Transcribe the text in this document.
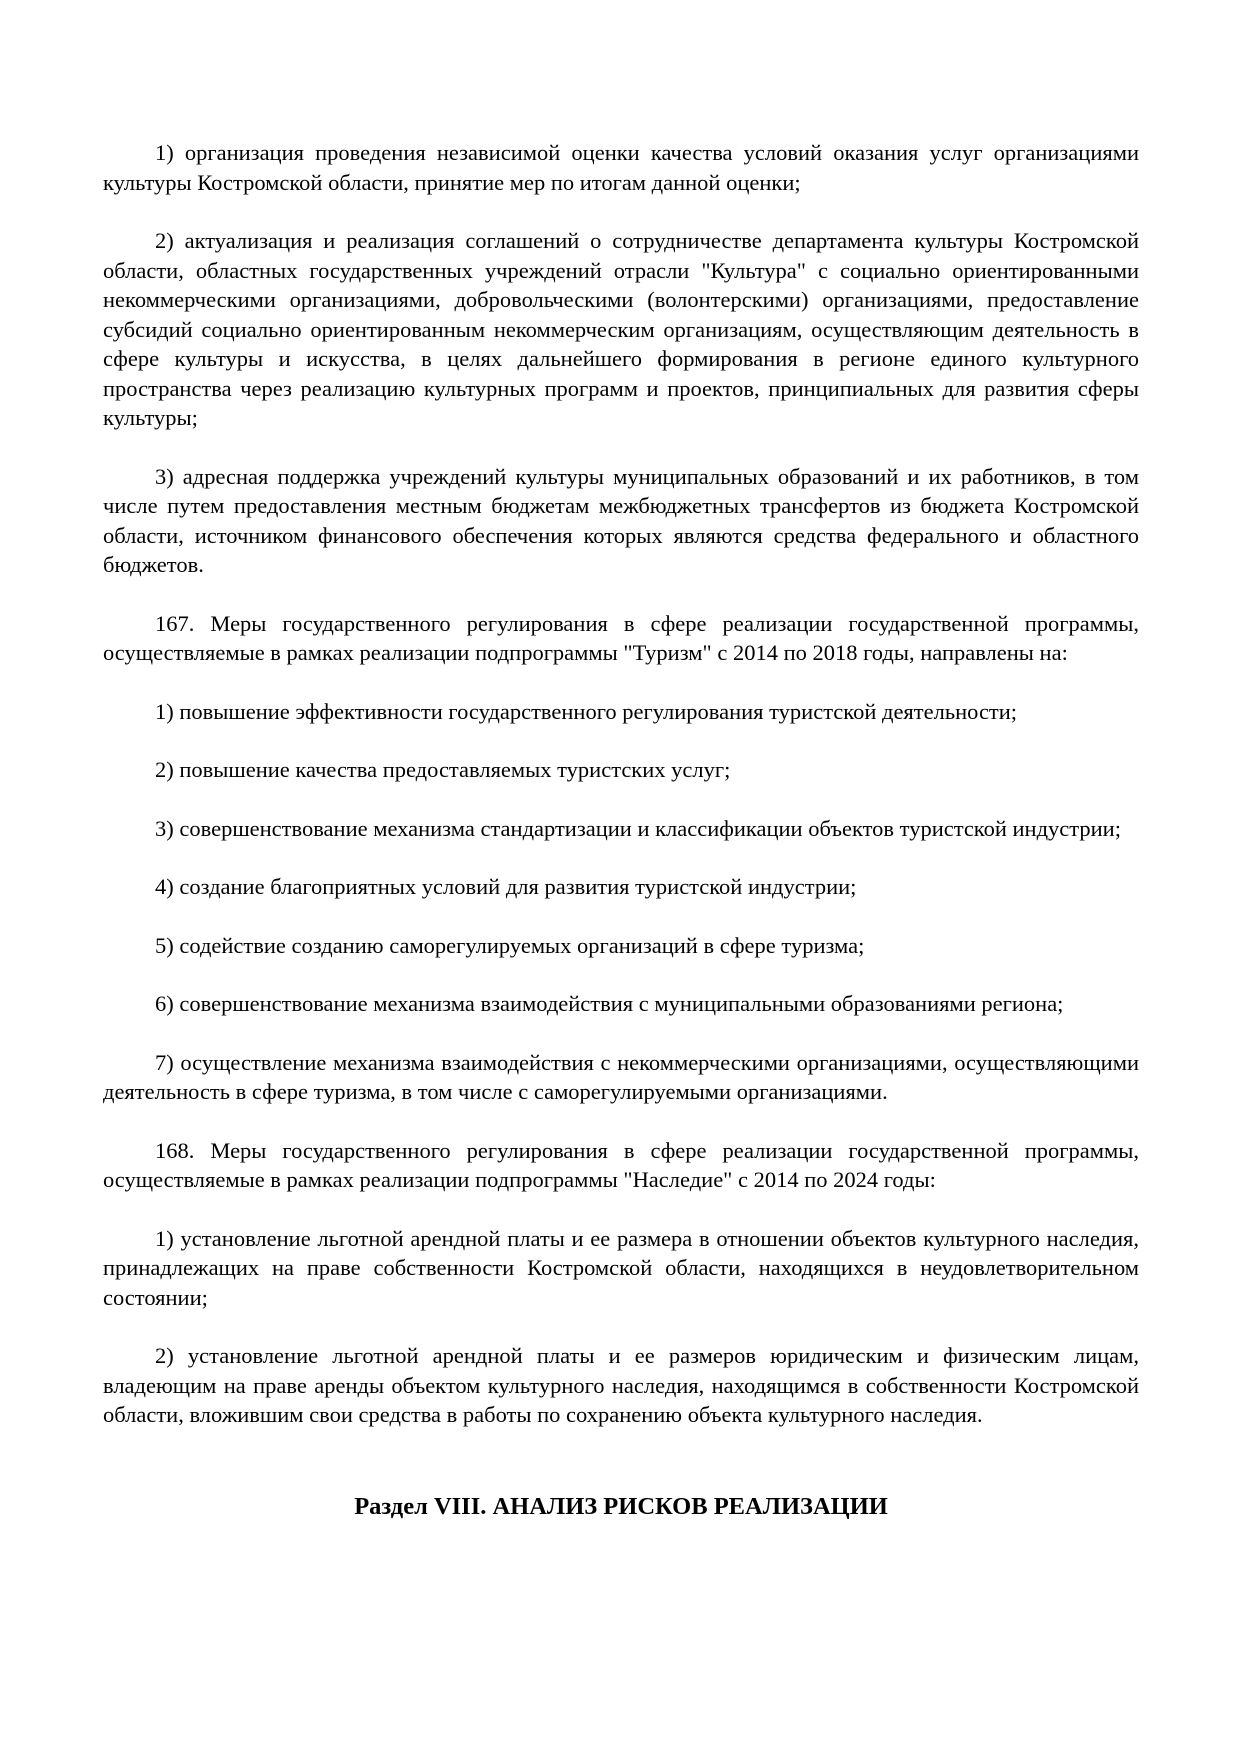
1) организация проведения независимой оценки качества условий оказания услуг организациями культуры Костромской области, принятие мер по итогам данной оценки;

2) актуализация и реализация соглашений о сотрудничестве департамента культуры Костромской области, областных государственных учреждений отрасли "Культура" с социально ориентированными некоммерческими организациями, добровольческими (волонтерскими) организациями, предоставление субсидий социально ориентированным некоммерческим организациям, осуществляющим деятельность в сфере культуры и искусства, в целях дальнейшего формирования в регионе единого культурного пространства через реализацию культурных программ и проектов, принципиальных для развития сферы культуры;

3) адресная поддержка учреждений культуры муниципальных образований и их работников, в том числе путем предоставления местным бюджетам межбюджетных трансфертов из бюджета Костромской области, источником финансового обеспечения которых являются средства федерального и областного бюджетов.

167. Меры государственного регулирования в сфере реализации государственной программы, осуществляемые в рамках реализации подпрограммы "Туризм" с 2014 по 2018 годы, направлены на:

1) повышение эффективности государственного регулирования туристской деятельности;

2) повышение качества предоставляемых туристских услуг;

3) совершенствование механизма стандартизации и классификации объектов туристской индустрии;

4) создание благоприятных условий для развития туристской индустрии;

5) содействие созданию саморегулируемых организаций в сфере туризма;

6) совершенствование механизма взаимодействия с муниципальными образованиями региона;

7) осуществление механизма взаимодействия с некоммерческими организациями, осуществляющими деятельность в сфере туризма, в том числе с саморегулируемыми организациями.

168. Меры государственного регулирования в сфере реализации государственной программы, осуществляемые в рамках реализации подпрограммы "Наследие" с 2014 по 2024 годы:

1) установление льготной арендной платы и ее размера в отношении объектов культурного наследия, принадлежащих на праве собственности Костромской области, находящихся в неудовлетворительном состоянии;

2) установление льготной арендной платы и ее размеров юридическим и физическим лицам, владеющим на праве аренды объектом культурного наследия, находящимся в собственности Костромской области, вложившим свои средства в работы по сохранению объекта культурного наследия.

Раздел VIII. АНАЛИЗ РИСКОВ РЕАЛИЗАЦИИ
